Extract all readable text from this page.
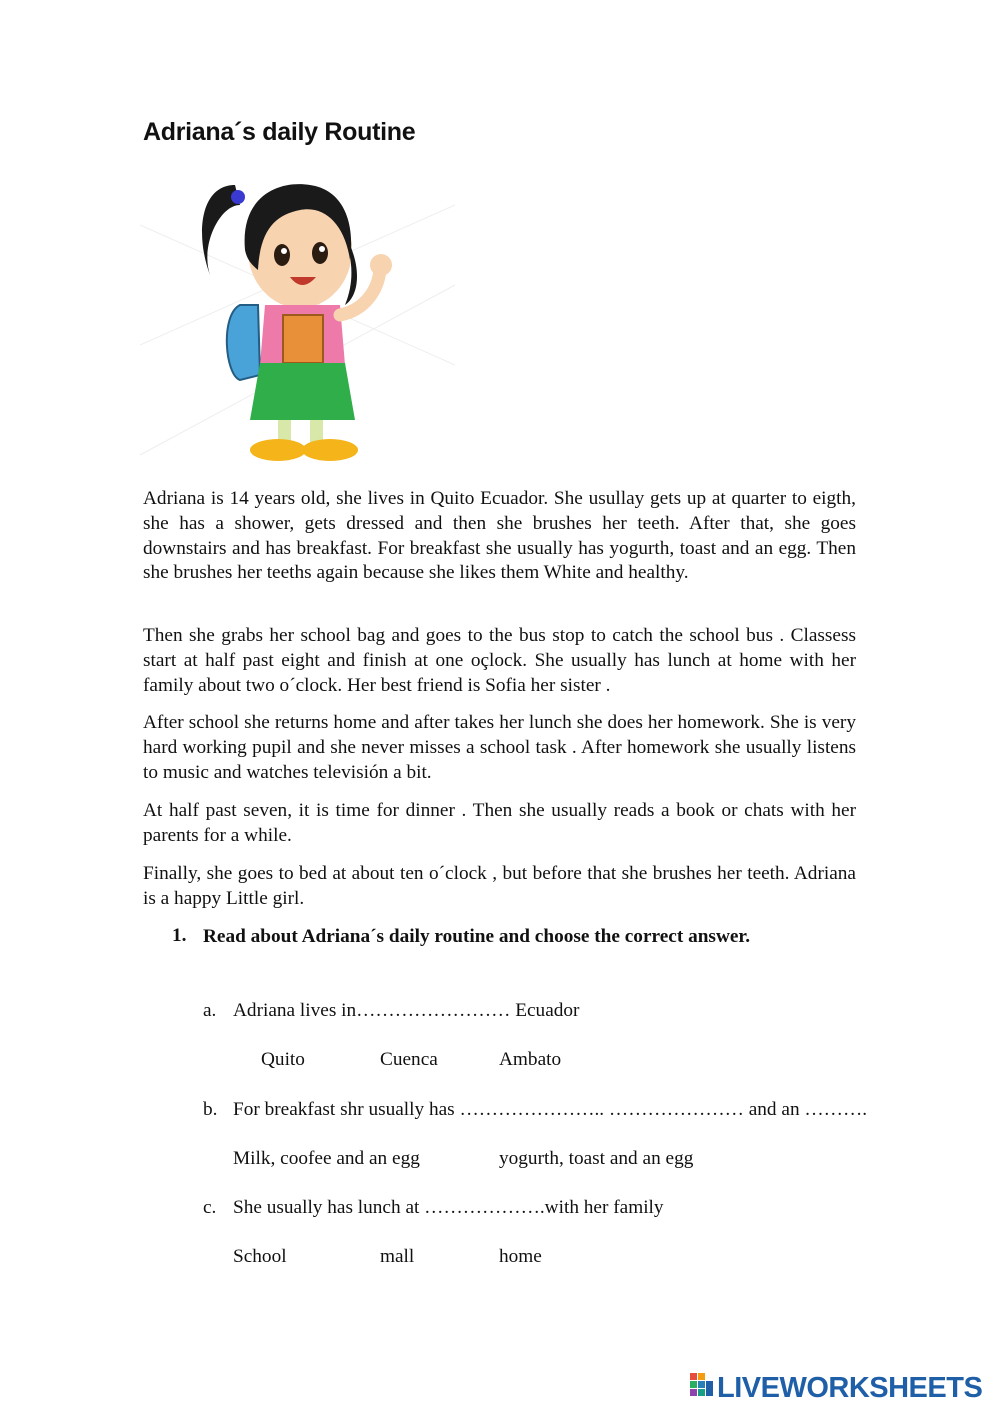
Adriana´s daily Routine

Adriana is 14 years old, she lives in Quito Ecuador. She usullay gets up at quarter to eigth, she has a shower, gets dressed and then she brushes her teeth. After that, she goes downstairs and has breakfast. For breakfast she usually has yogurth, toast and an egg. Then she brushes her teeths again because she likes them White and healthy.

Then she grabs her school bag and goes to the bus stop to catch the school bus . Classess start at half past eight and finish at one oçlock. She usually has lunch at home with her family about two o´clock. Her best friend is Sofia her sister .

After school she returns home and after takes her lunch she does her homework. She is very hard working pupil and she never misses a school task . After homework she usually listens to music and watches televisión a bit.

At half past seven, it is time for dinner . Then she usually reads a book or chats with her parents for a while.

Finally, she goes to bed at about ten o´clock , but before that she brushes her teeth. Adriana is a happy Little girl.

1. Read about Adriana´s daily routine and choose the correct answer.

a. Adriana lives in…………………… Ecuador
Quito	Cuenca	Ambato
b. For breakfast shr usually has ………………….. ………………… and an ……….
Milk, coofee and an egg	yogurth, toast and an egg
c. She usually has lunch at ……………….with her family
School	mall	home
LIVEWORKSHEETS
